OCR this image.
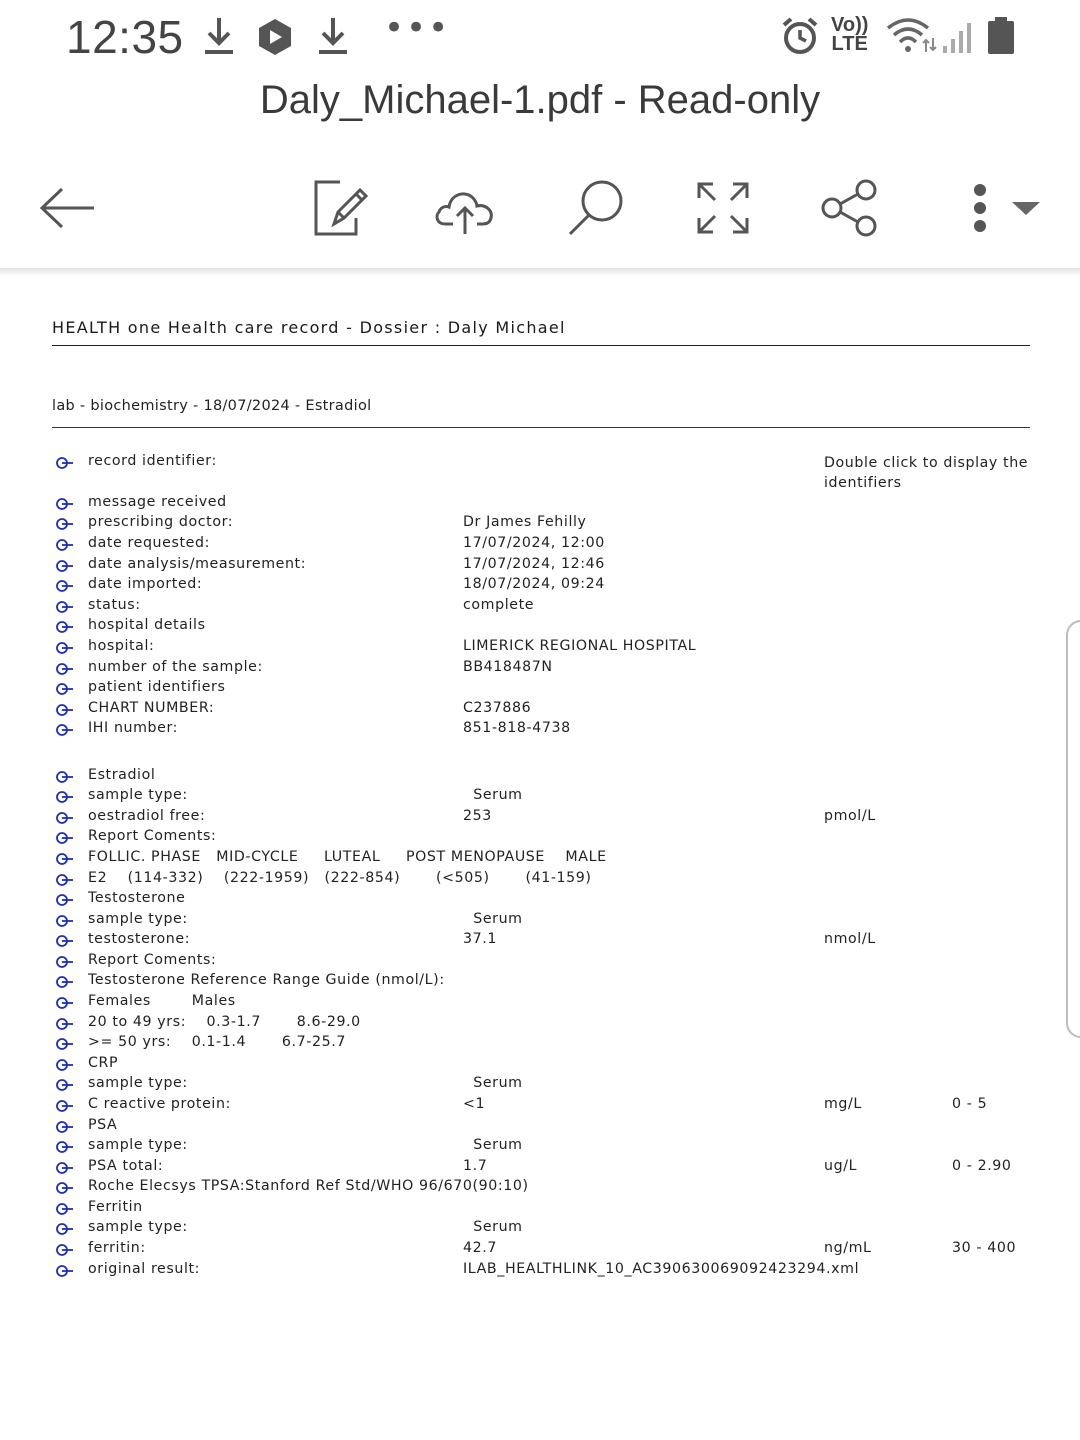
12:35	•••	Vo))
LTE
Daly_Michael-1.pdf - Read-only
HEALTH one Health care record - Dossier : Daly Michael
lab - biochemistry - 18/07/2024 - Estradiol
record identifier:	Double click to display the identifiers
message received
prescribing doctor:	Dr James Fehilly
date requested:	17/07/2024, 12:00
date analysis/measurement:	17/07/2024, 12:46
date imported:	18/07/2024, 09:24
status:	complete
hospital details
hospital:	LIMERICK REGIONAL HOSPITAL
number of the sample:	BB418487N
patient identifiers
CHART NUMBER:	C237886
IHI number:	851-818-4738
Estradiol
sample type:	Serum
oestradiol free:	253	pmol/L
Report Coments:
FOLLIC. PHASE   MID-CYCLE     LUTEAL     POST MENOPAUSE    MALE
E2    (114-332)    (222-1959)   (222-854)       (<505)       (41-159)
Testosterone
sample type:	Serum
testosterone:	37.1	nmol/L
Report Coments:
Testosterone Reference Range Guide (nmol/L):
Females        Males
20 to 49 yrs:    0.3-1.7       8.6-29.0
>= 50 yrs:    0.1-1.4       6.7-25.7
CRP
sample type:	Serum
C reactive protein:	<1	mg/L	0 - 5
PSA
sample type:	Serum
PSA total:	1.7	ug/L	0 - 2.90
Roche Elecsys TPSA:Stanford Ref Std/WHO 96/670(90:10)
Ferritin
sample type:	Serum
ferritin:	42.7	ng/mL	30 - 400
original result:	ILAB_HEALTHLINK_10_AC390630069092423294.xml
